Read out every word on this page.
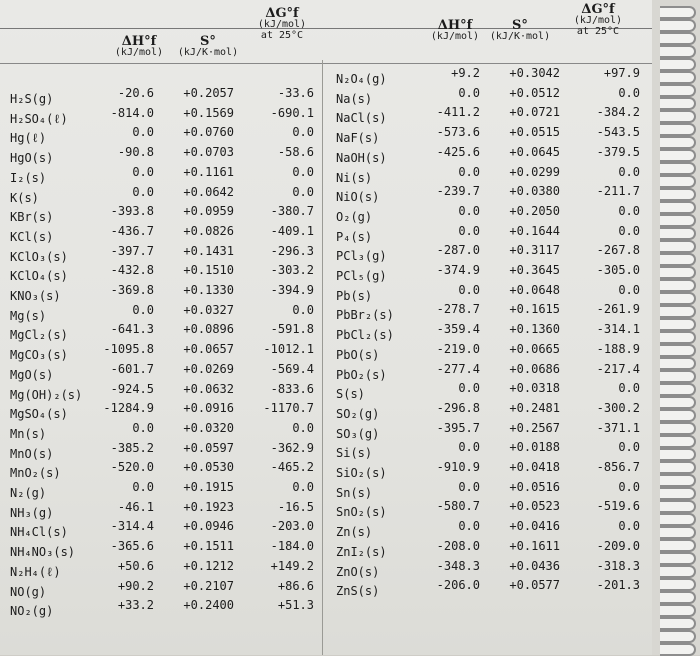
ΔH°f
(kJ/mol)
S°
(kJ/K·mol)
ΔG°f
(kJ/mol)
at 25°C
ΔH°f
(kJ/mol)
S°
(kJ/K·mol)
ΔG°f
(kJ/mol)
at 25°C
H₂S(g)	-20.6 +0.2057	-33.6
H₂SO₄(ℓ)	-814.0 +0.1569	-690.1
Hg(ℓ)	0.0 +0.0760	0.0
HgO(s)	-90.8 +0.0703	-58.6
I₂(s)	0.0 +0.1161	0.0
K(s)	0.0 +0.0642	0.0
KBr(s)	-393.8 +0.0959	-380.7
KCl(s)	-436.7 +0.0826	-409.1
KClO₃(s)	-397.7 +0.1431	-296.3
KClO₄(s)	-432.8 +0.1510	-303.2
KNO₃(s)	-369.8 +0.1330	-394.9
Mg(s)	0.0 +0.0327	0.0
MgCl₂(s)	-641.3 +0.0896	-591.8
MgCO₃(s)	-1095.8 +0.0657 -1012.1
MgO(s)	-601.7 +0.0269	-569.4
Mg(OH)₂(s) -924.5 +0.0632	-833.6
MgSO₄(s)	-1284.9 +0.0916 -1170.7
Mn(s)	0.0 +0.0320	0.0
MnO(s)	-385.2 +0.0597	-362.9
MnO₂(s)	-520.0 +0.0530	-465.2
N₂(g)	0.0 +0.1915	0.0
NH₃(g)	-46.1 +0.1923	-16.5
NH₄Cl(s)	-314.4 +0.0946	-203.0
NH₄NO₃(s)	-365.6 +0.1511	-184.0
N₂H₄(ℓ)	+50.6 +0.1212	+149.2
NO(g)	+90.2 +0.2107	+86.6
NO₂(g)	+33.2 +0.2400	+51.3
N₂O₄(g)	+9.2 +0.3042	+97.9
Na(s)	0.0 +0.0512	0.0
NaCl(s)	-411.2 +0.0721	-384.2
NaF(s)	-573.6 +0.0515	-543.5
NaOH(s)	-425.6 +0.0645	-379.5
Ni(s)	0.0 +0.0299	0.0
NiO(s)	-239.7 +0.0380	-211.7
O₂(g)	0.0 +0.2050	0.0
P₄(s)	0.0 +0.1644	0.0
PCl₃(g)	-287.0 +0.3117	-267.8
PCl₅(g)	-374.9 +0.3645	-305.0
Pb(s)	0.0 +0.0648	0.0
PbBr₂(s)	-278.7 +0.1615	-261.9
PbCl₂(s)	-359.4 +0.1360	-314.1
PbO(s)	-219.0 +0.0665	-188.9
PbO₂(s)	-277.4 +0.0686	-217.4
S(s)	0.0 +0.0318	0.0
SO₂(g)	-296.8 +0.2481	-300.2
SO₃(g)	-395.7 +0.2567	-371.1
Si(s)	0.0 +0.0188	0.0
SiO₂(s)	-910.9 +0.0418	-856.7
Sn(s)	0.0 +0.0516	0.0
SnO₂(s)	-580.7 +0.0523	-519.6
Zn(s)	0.0 +0.0416	0.0
ZnI₂(s)	-208.0 +0.1611	-209.0
ZnO(s)	-348.3 +0.0436	-318.3
ZnS(s)	-206.0 +0.0577	-201.3
